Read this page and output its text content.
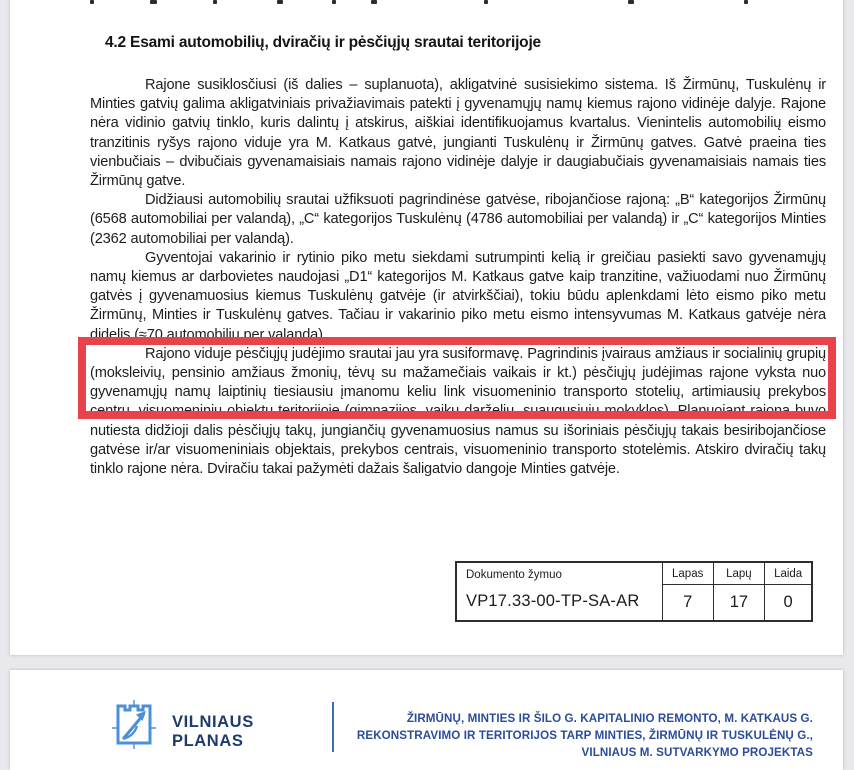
4.2 Esami automobilių, dviračių ir pėsčiųjų srautai teritorijoje

Rajone susiklosčiusi (iš dalies – suplanuota), akligatvinė susisiekimo sistema. Iš Žirmūnų, Tuskulėnų ir Minties gatvių galima akligatviniais privažiavimais patekti į gyvenamųjų namų kiemus rajono vidinėje dalyje. Rajone nėra vidinio gatvių tinklo, kuris dalintų į atskirus, aiškiai identifikuojamus kvartalus. Vienintelis automobilių eismo tranzitinis ryšys rajono viduje yra M. Katkaus gatvė, jungianti Tuskulėnų ir Žirmūnų gatves. Gatvė praeina ties vienbučiais – dvibučiais gyvenamaisiais namais rajono vidinėje dalyje ir daugiabučiais gyvenamaisiais namais ties Žirmūnų gatve.

Didžiausi automobilių srautai užfiksuoti pagrindinėse gatvėse, ribojančiose rajoną: „B“ kategorijos Žirmūnų (6568 automobiliai per valandą), „C“ kategorijos Tuskulėnų (4786 automobiliai per valandą) ir „C“ kategorijos Minties (2362 automobiliai per valandą).

Gyventojai vakarinio ir rytinio piko metu siekdami sutrumpinti kelią ir greičiau pasiekti savo gyvenamųjų namų kiemus ar darbovietes naudojasi „D1“ kategorijos M. Katkaus gatve kaip tranzitine, važiuodami nuo Žirmūnų gatvės į gyvenamuosius kiemus Tuskulėnų gatvėje (ir atvirkščiai), tokiu būdu aplenkdami lėto eismo piko metu Žirmūnų, Minties ir Tuskulėnų gatves. Tačiau ir vakarinio piko metu eismo intensyvumas M. Katkaus gatvėje nėra didelis (≈70 automobilių per valandą).

Rajono viduje pėsčiųjų judėjimo srautai jau yra susiformavę. Pagrindinis įvairaus amžiaus ir socialinių grupių (moksleivių, pensinio amžiaus žmonių, tėvų su mažamečiais vaikais ir kt.) pėsčiųjų judėjimas rajone vyksta nuo gyvenamųjų namų laiptinių tiesiausiu įmanomu keliu link visuomeninio transporto stotelių, artimiausių prekybos centrų, visuomeninių objektų teritorijoje (gimnazijos, vaikų darželių, suaugusiųjų mokyklos). Planuojant rajoną buvo nutiesta didžioji dalis pėsčiųjų takų, jungiančių gyvenamuosius namus su išoriniais pėsčiųjų takais besiribojančiose gatvėse ir/ar visuomeniniais objektais, prekybos centrais, visuomeninio transporto stotelėmis. Atskiro dviračių takų tinklo rajone nėra. Dviračiu takai pažymėti dažais šaligatvio dangoje Minties gatvėje.

Dokumento žymuo
VP17.33-00-TP-SA-AR
Lapas
7
Lapų
17
Laida
0
VILNIAUS
PLANAS
ŽIRMŪNŲ, MINTIES IR ŠILO G. KAPITALINIO REMONTO, M. KATKAUS G.
REKONSTRAVIMO IR TERITORIJOS TARP MINTIES, ŽIRMŪNŲ IR TUSKULĖNŲ G.,
VILNIAUS M. SUTVARKYMO PROJEKTAS
